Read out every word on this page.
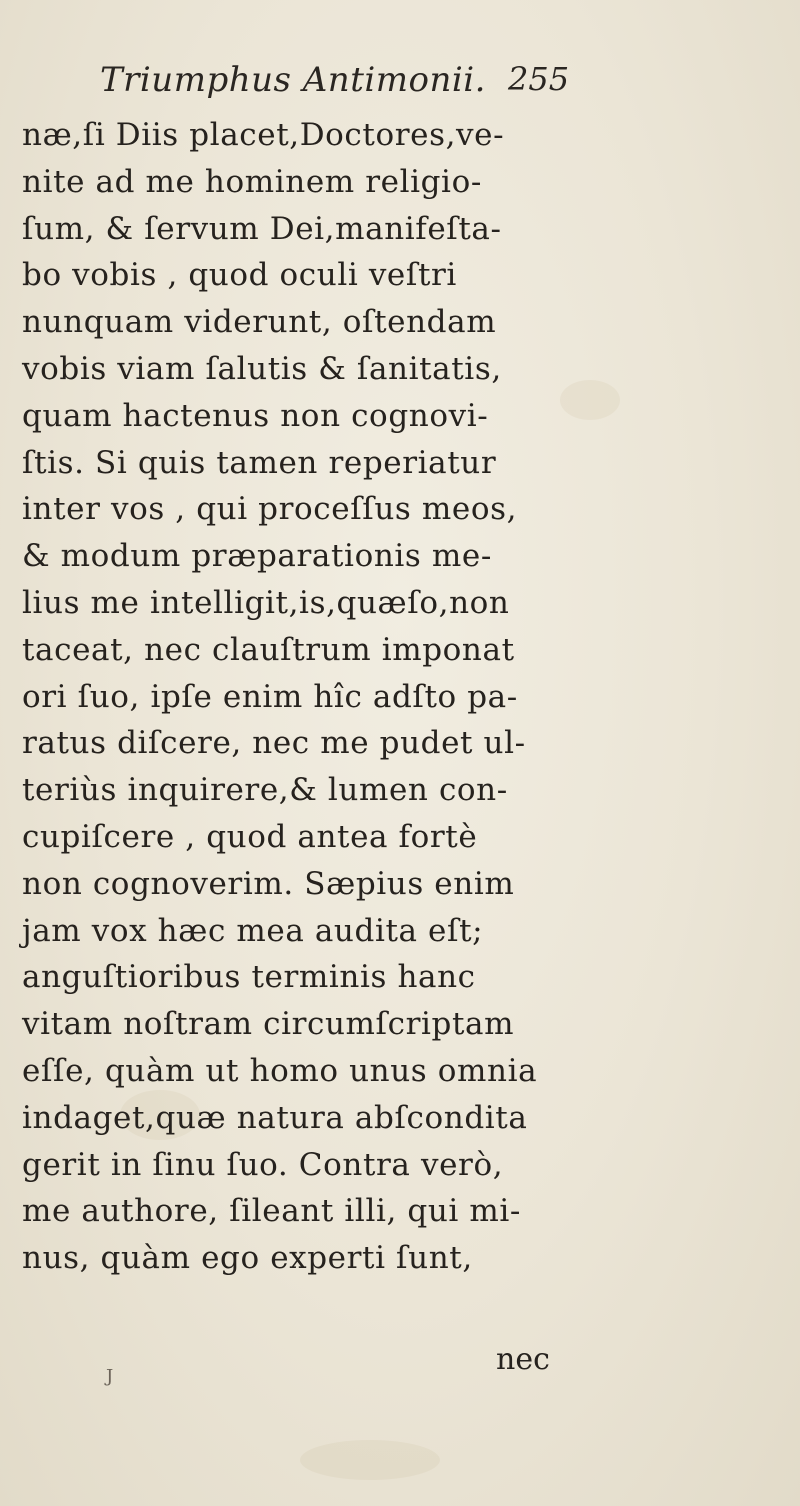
Triumphus Antimonii. 255
næ,ſi Diis placet,Doctores,ve-
nite ad me hominem religio-
ſum, & ſervum Dei,manifeſta-
bo vobis , quod oculi veſtri
nunquam viderunt, oſtendam
vobis viam ſalutis & ſanitatis,
quam hactenus non cognovi-
ſtis. Si quis tamen reperiatur
inter vos , qui proceſſus meos,
& modum præparationis me-
lius me intelligit,is,quæſo,non
taceat, nec clauſtrum imponat
ori ſuo, ipſe enim hîc adſto pa-
ratus diſcere, nec me pudet ul-
teriùs inquirere,& lumen con-
cupiſcere , quod antea fortè
non cognoverim. Sæpius enim
jam vox hæc mea audita eſt;
anguſtioribus terminis hanc
vitam noſtram circumſcriptam
eſſe, quàm ut homo unus omnia
indaget,quæ natura abſcondita
gerit in ſinu ſuo. Contra verò,
me authore, ſileant illi, qui mi-
nus, quàm ego experti ſunt,
J	nec
